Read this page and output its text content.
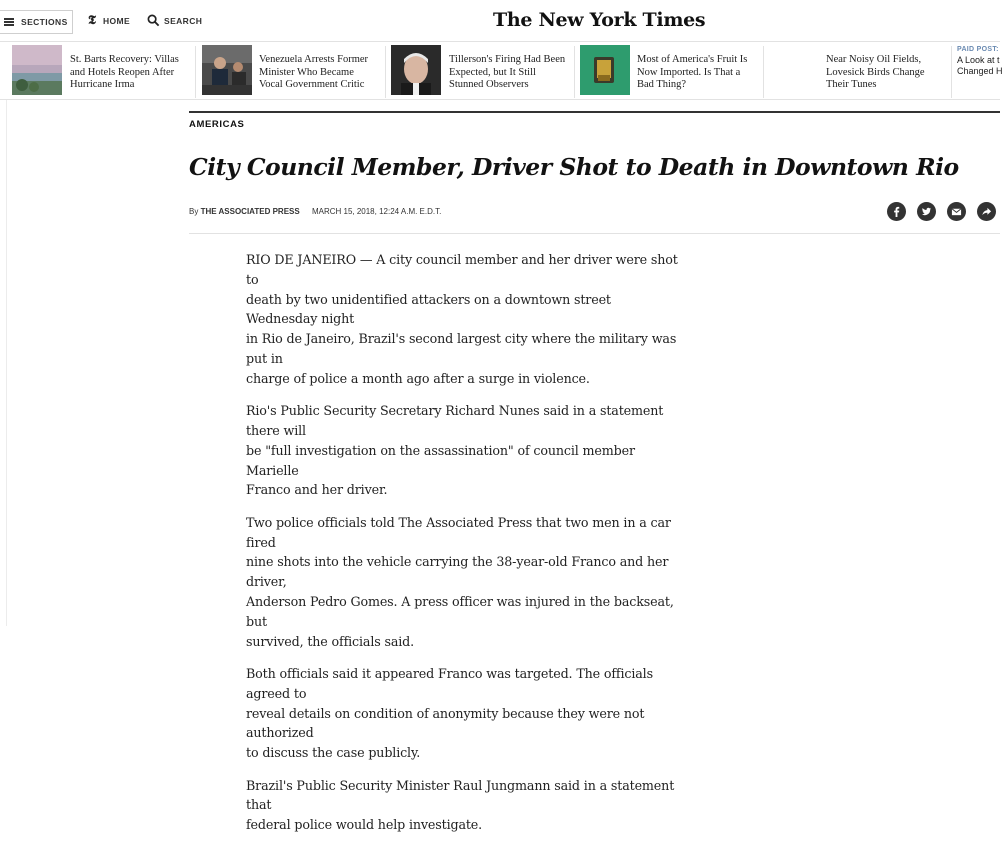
SECTIONS 𝕿 HOME	SEARCH	The New York Times
St. Barts Recovery: Villas
and Hotels Reopen After
Hurricane Irma
Venezuela Arrests Former
Minister Who Became
Vocal Government Critic
Tillerson's Firing Had Been
Expected, but It Still
Stunned Observers
Most of America's Fruit Is
Now Imported. Is That a
Bad Thing?
Near Noisy Oil Fields,
Lovesick Birds Change
Their Tunes
PAID POST:
A Look at t
Changed H
AMERICAS
City Council Member, Driver Shot to Death in Downtown Rio
By THE ASSOCIATED PRESS MARCH 15, 2018, 12:24 A.M. E.D.T.

RIO DE JANEIRO — A city council member and her driver were shot to
death by two unidentified attackers on a downtown street Wednesday night
in Rio de Janeiro, Brazil's second largest city where the military was put in
charge of police a month ago after a surge in violence.

Rio's Public Security Secretary Richard Nunes said in a statement there will
be "full investigation on the assassination" of council member Marielle
Franco and her driver.

Two police officials told The Associated Press that two men in a car fired
nine shots into the vehicle carrying the 38-year-old Franco and her driver,
Anderson Pedro Gomes. A press officer was injured in the backseat, but
survived, the officials said.

Both officials said it appeared Franco was targeted. The officials agreed to
reveal details on condition of anonymity because they were not authorized
to discuss the case publicly.

Brazil's Public Security Minister Raul Jungmann said in a statement that
federal police would help investigate.
